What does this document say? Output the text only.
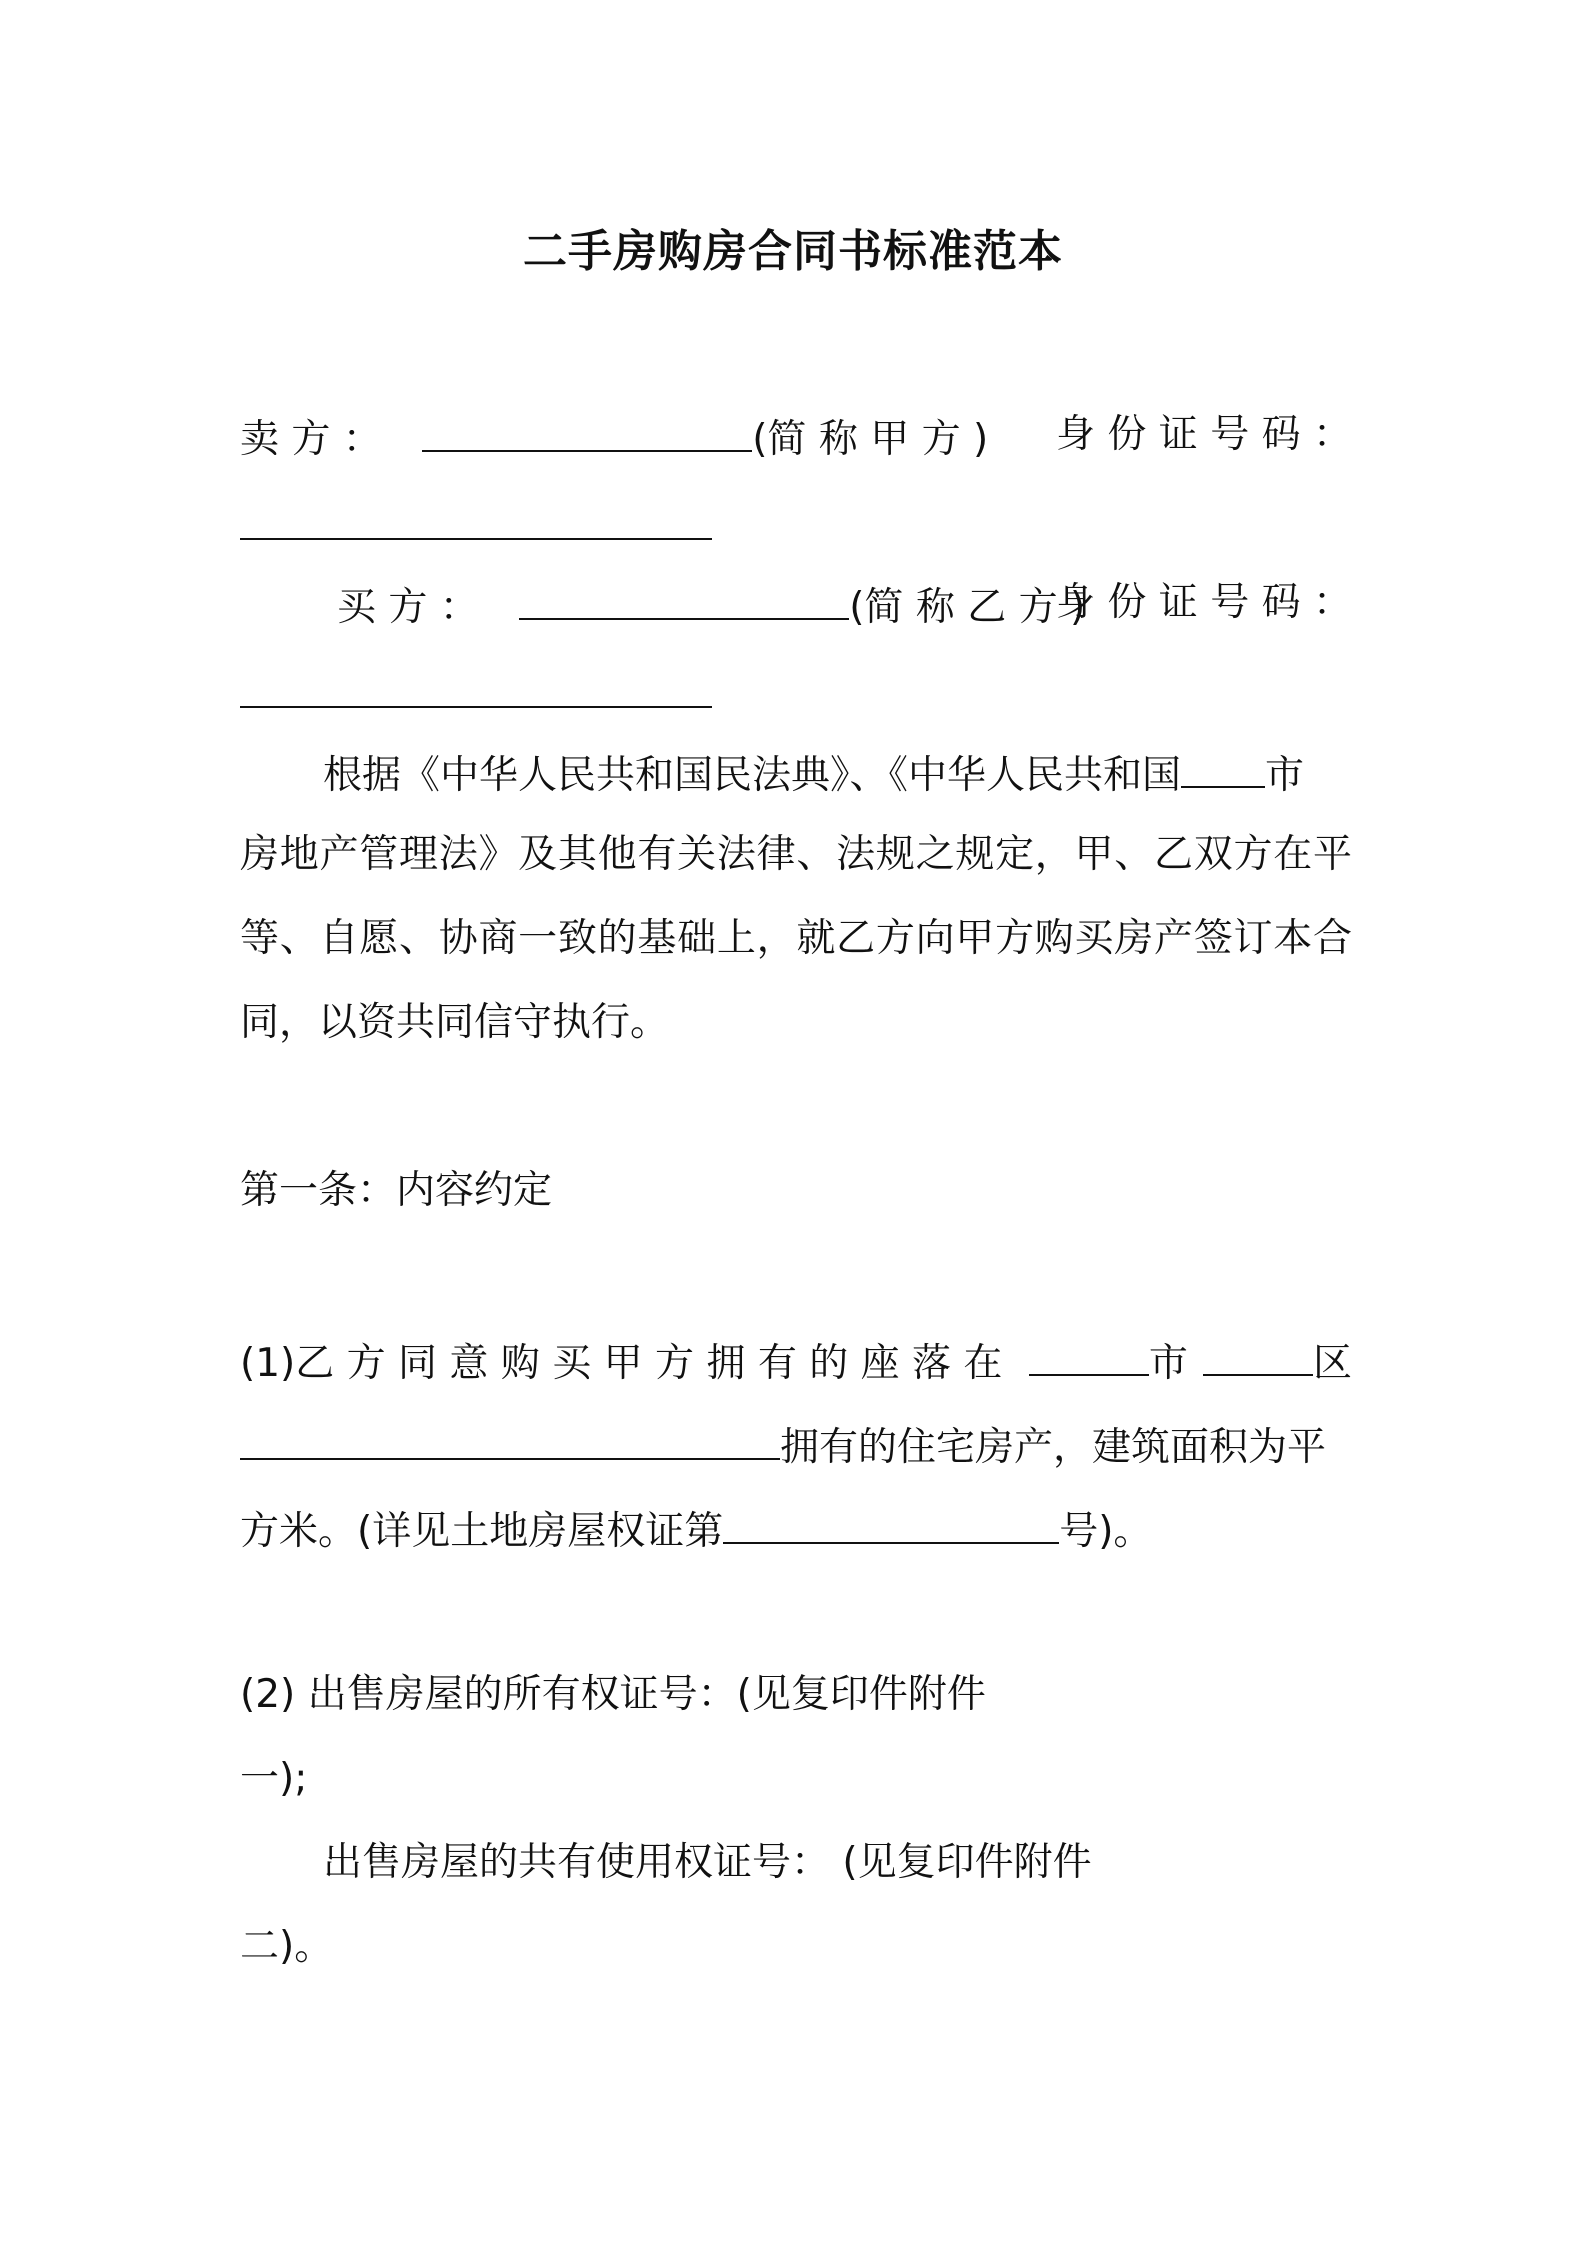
二手房购房合同书标准范本
卖 方 ：	(简 称 甲 方 ) 身 份 证 号 码 ：
买 方 ：	(简 称 乙 方 )
身 份 证 号 码 ：
根据《中华人民共和国民法典》、《中华人民共和国 市
房地产管理法》及其他有关法律、法规之规定，甲、乙双方在平
等、自愿、协商一致的基础上，就乙方向甲方购买房产签订本合
同，以资共同信守执行。
第一条：内容约定
(1)乙 方 同 意 购 买 甲 方 拥 有 的 座 落 在	市	区
拥有的住宅房产，建筑面积为平
方米。(详见土地房屋权证第	号)。
(2) 出售房屋的所有权证号：(见复印件附件
一);
出售房屋的共有使用权证号： (见复印件附件
二)。
